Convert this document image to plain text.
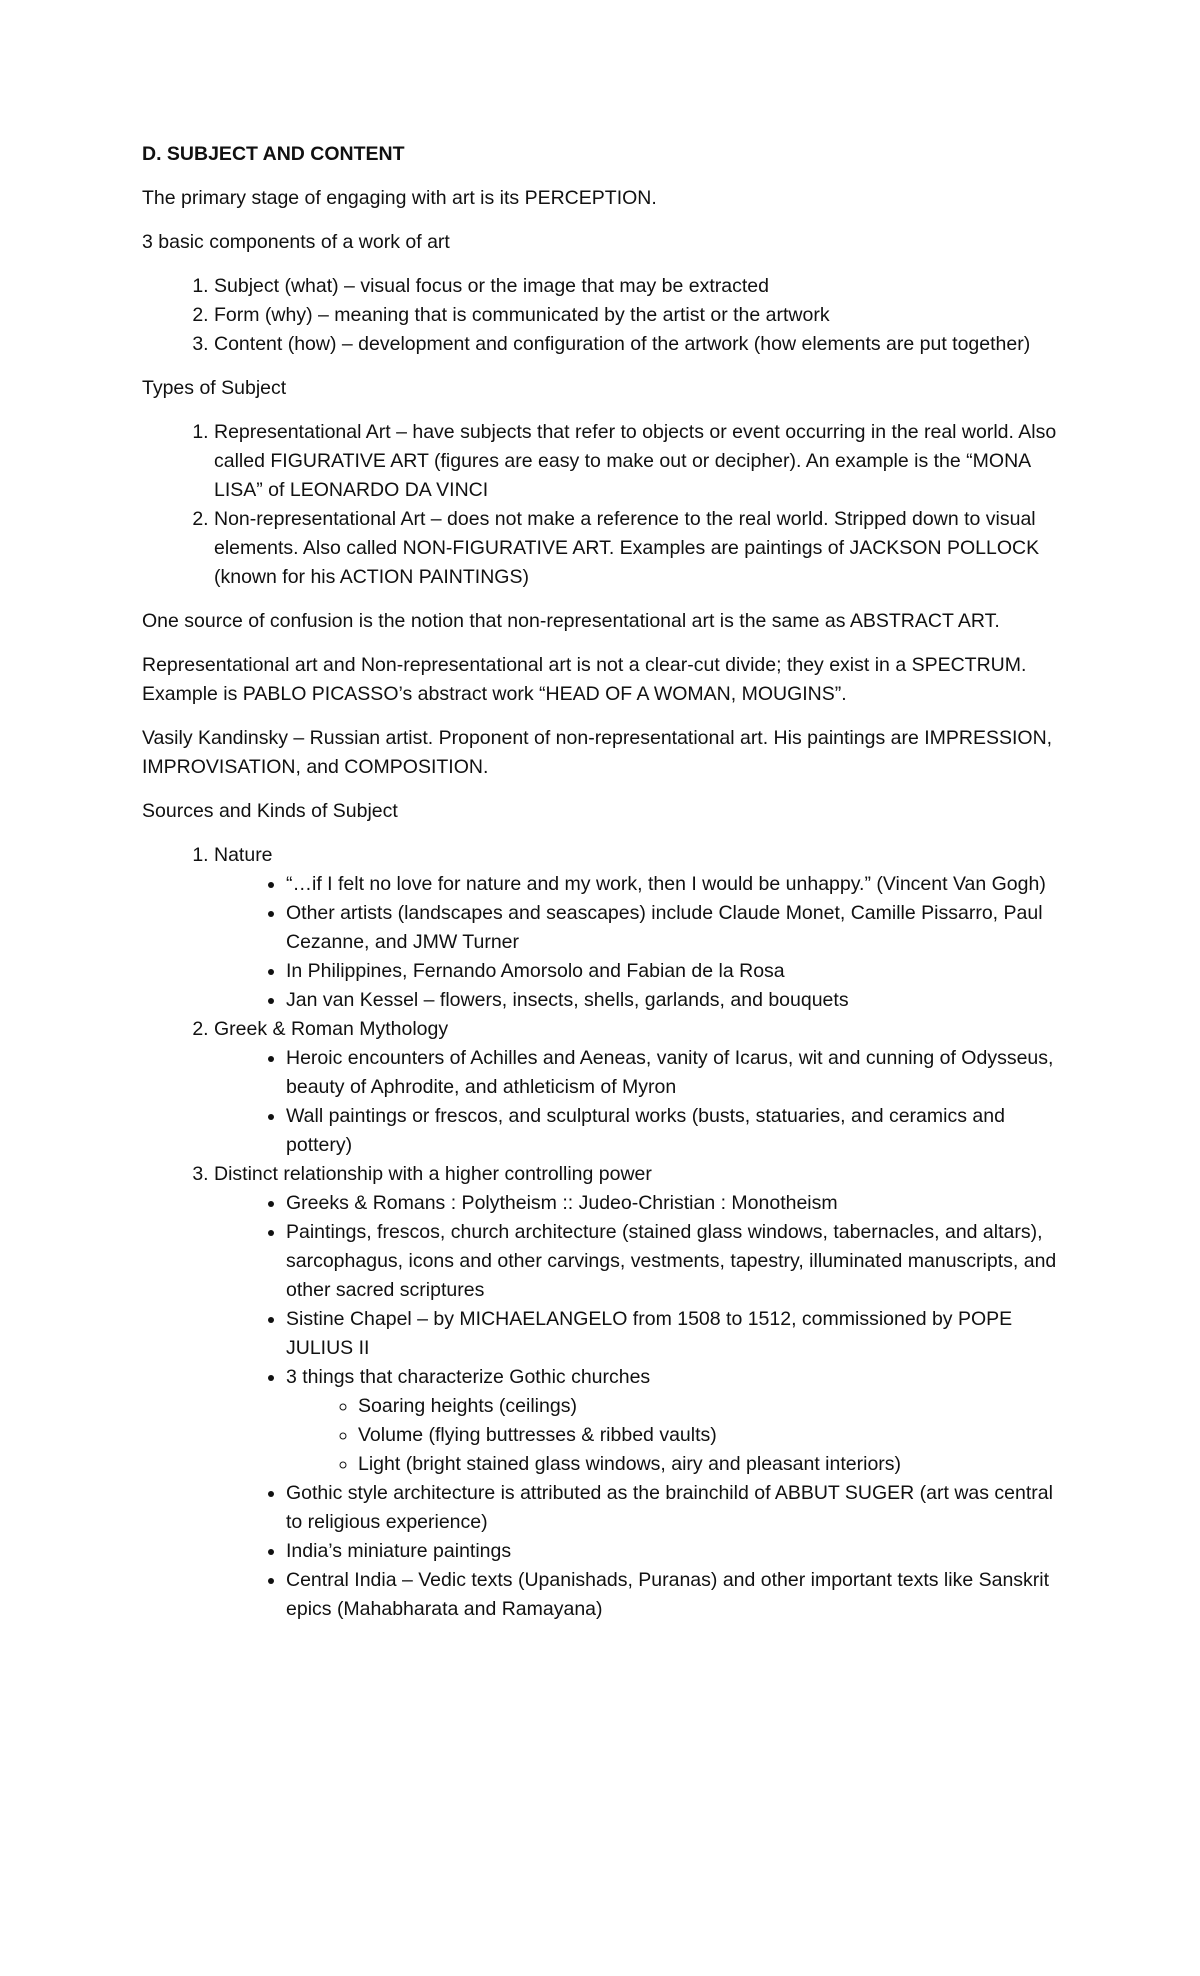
D. SUBJECT AND CONTENT

The primary stage of engaging with art is its PERCEPTION.

3 basic components of a work of art

1. Subject (what) – visual focus or the image that may be extracted
2. Form (why) – meaning that is communicated by the artist or the artwork
3. Content (how) – development and configuration of the artwork (how elements are put together)

Types of Subject

1. Representational Art – have subjects that refer to objects or event occurring in the real world. Also called FIGURATIVE ART (figures are easy to make out or decipher). An example is the “MONA LISA” of LEONARDO DA VINCI
2. Non-representational Art – does not make a reference to the real world. Stripped down to visual elements. Also called NON-FIGURATIVE ART. Examples are paintings of JACKSON POLLOCK (known for his ACTION PAINTINGS)

One source of confusion is the notion that non-representational art is the same as ABSTRACT ART.

Representational art and Non-representational art is not a clear-cut divide; they exist in a SPECTRUM. Example is PABLO PICASSO’s abstract work “HEAD OF A WOMAN, MOUGINS”.

Vasily Kandinsky – Russian artist. Proponent of non-representational art. His paintings are IMPRESSION, IMPROVISATION, and COMPOSITION.

Sources and Kinds of Subject

1. Nature
• “…if I felt no love for nature and my work, then I would be unhappy.” (Vincent Van Gogh)
• Other artists (landscapes and seascapes) include Claude Monet, Camille Pissarro, Paul Cezanne, and JMW Turner
• In Philippines, Fernando Amorsolo and Fabian de la Rosa
• Jan van Kessel – flowers, insects, shells, garlands, and bouquets
2. Greek & Roman Mythology
• Heroic encounters of Achilles and Aeneas, vanity of Icarus, wit and cunning of Odysseus, beauty of Aphrodite, and athleticism of Myron
• Wall paintings or frescos, and sculptural works (busts, statuaries, and ceramics and pottery)
3. Distinct relationship with a higher controlling power
• Greeks & Romans : Polytheism :: Judeo-Christian : Monotheism
• Paintings, frescos, church architecture (stained glass windows, tabernacles, and altars), sarcophagus, icons and other carvings, vestments, tapestry, illuminated manuscripts, and other sacred scriptures
• Sistine Chapel – by MICHAELANGELO from 1508 to 1512, commissioned by POPE JULIUS II
• 3 things that characterize Gothic churches
◦ Soaring heights (ceilings)
◦ Volume (flying buttresses & ribbed vaults)
◦ Light (bright stained glass windows, airy and pleasant interiors)
• Gothic style architecture is attributed as the brainchild of ABBUT SUGER (art was central to religious experience)
• India’s miniature paintings
• Central India – Vedic texts (Upanishads, Puranas) and other important texts like Sanskrit epics (Mahabharata and Ramayana)
